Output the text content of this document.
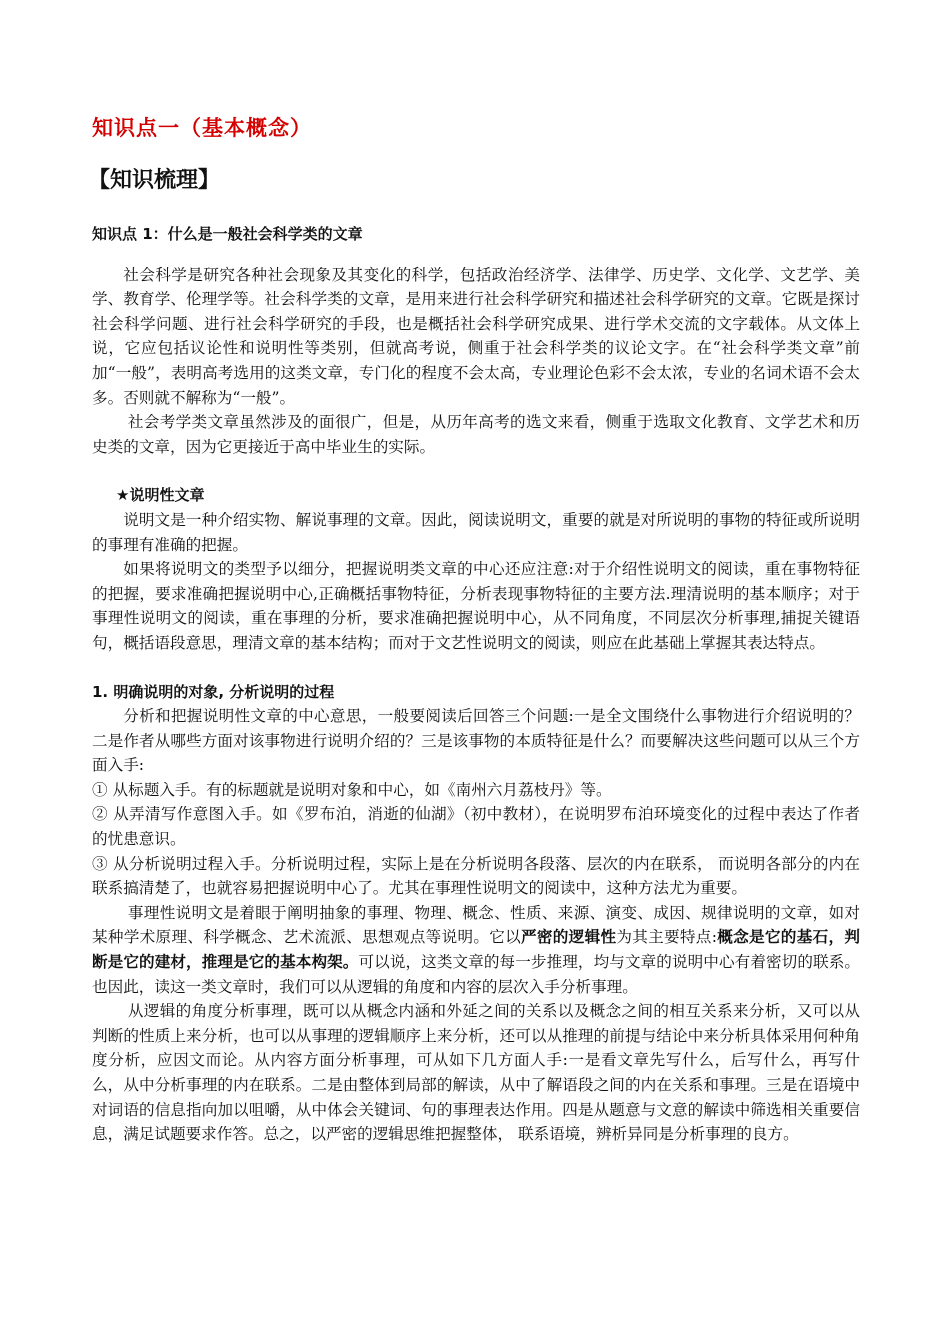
知识点一（基本概念）
【知识梳理】

知识点 1：什么是一般社会科学类的文章

社会科学是研究各种社会现象及其变化的科学，包括政治经济学、法律学、历史学、文化学、文艺学、美学、教育学、伦理学等。社会科学类的文章，是用来进行社会科学研究和描述社会科学研究的文章。它既是探讨社会科学问题、进行社会科学研究的手段，也是概括社会科学研究成果、进行学术交流的文字载体。从文体上说，它应包括议论性和说明性等类别，但就高考说，侧重于社会科学类的议论文字。在“社会科学类文章”前加“一般”，表明高考选用的这类文章，专门化的程度不会太高，专业理论色彩不会太浓，专业的名词术语不会太多。否则就不解称为“一般”。

社会考学类文章虽然涉及的面很广，但是，从历年高考的选文来看，侧重于选取文化教育、文学艺术和历史类的文章，因为它更接近于高中毕业生的实际。

★说明性文章

说明文是一种介绍实物、解说事理的文章。因此，阅读说明文，重要的就是对所说明的事物的特征或所说明的事理有准确的把握。

如果将说明文的类型予以细分，把握说明类文章的中心还应注意:对于介绍性说明文的阅读，重在事物特征的把握，要求准确把握说明中心,正确概括事物特征，分析表现事物特征的主要方法.理清说明的基本顺序；对于事理性说明文的阅读，重在事理的分析，要求准确把握说明中心，从不同角度，不同层次分析事理,捕捉关键语句，概括语段意思，理清文章的基本结构；而对于文艺性说明文的阅读，则应在此基础上掌握其表达特点。

1. 明确说明的对象, 分析说明的过程

分析和把握说明性文章的中心意思，一般要阅读后回答三个问题:一是全文围绕什么事物进行介绍说明的？ 二是作者从哪些方面对该事物进行说明介绍的？三是该事物的本质特征是什么？而要解决这些问题可以从三个方面入手:

① 从标题入手。有的标题就是说明对象和中心，如《南州六月荔枝丹》等。

② 从弄清写作意图入手。如《罗布泊，消逝的仙湖》（初中教材），在说明罗布泊环境变化的过程中表达了作者的忧患意识。

③ 从分析说明过程入手。分析说明过程，实际上是在分析说明各段落、层次的内在联系， 而说明各部分的内在联系搞清楚了，也就容易把握说明中心了。尤其在事理性说明文的阅读中，这种方法尤为重要。

事理性说明文是着眼于阐明抽象的事理、物理、概念、性质、来源、演变、成因、规律说明的文章，如对某种学术原理、科学概念、艺术流派、思想观点等说明。它以严密的逻辑性为其主要特点:概念是它的基石，判断是它的建材，推理是它的基本构架。可以说，这类文章的每一步推理，均与文章的说明中心有着密切的联系。也因此，读这一类文章时，我们可以从逻辑的角度和内容的层次入手分析事理。

从逻辑的角度分析事理，既可以从概念内涵和外延之间的关系以及概念之间的相互关系来分析，又可以从判断的性质上来分析，也可以从事理的逻辑顺序上来分析，还可以从推理的前提与结论中来分析具体采用何种角度分析，应因文而论。从内容方面分析事理，可从如下几方面人手:一是看文章先写什么，后写什么，再写什么，从中分析事理的内在联系。二是由整体到局部的解读，从中了解语段之间的内在关系和事理。三是在语境中对词语的信息指向加以咀嚼，从中体会关键词、句的事理表达作用。四是从题意与文意的解读中筛选相关重要信息，满足试题要求作答。总之，以严密的逻辑思维把握整体， 联系语境，辨析异同是分析事理的良方。
